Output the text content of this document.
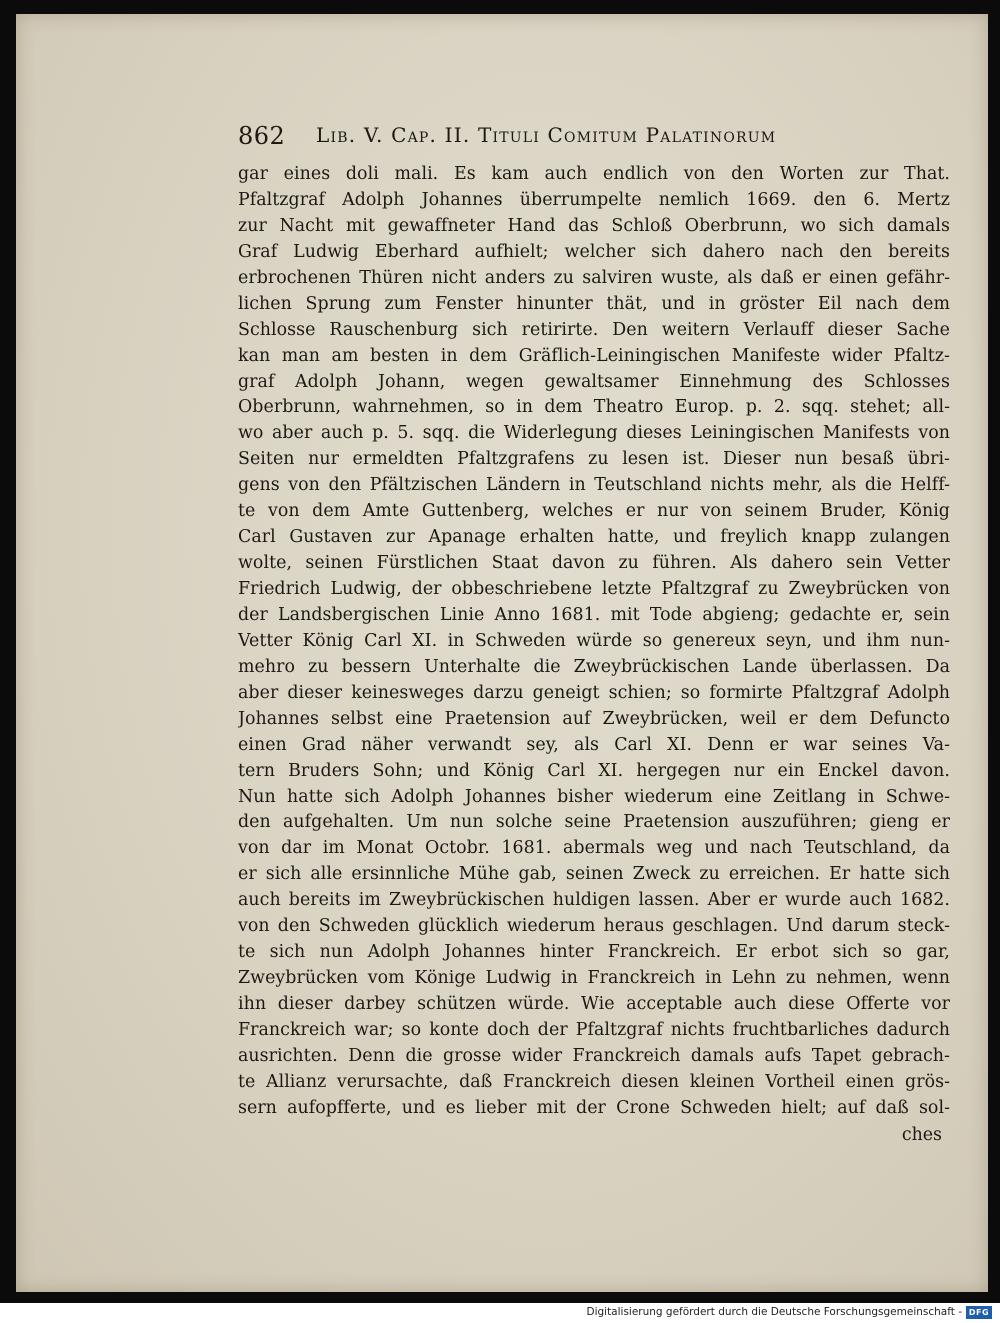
862 Lib. V. Cap. II. Tituli Comitum Palatinorum
gar eines doli mali. Es kam auch endlich von den Worten zur That.
Pfaltzgraf Adolph Johannes überrumpelte nemlich 1669. den 6. Mertz
zur Nacht mit gewaffneter Hand das Schloß Oberbrunn, wo sich damals
Graf Ludwig Eberhard aufhielt; welcher sich dahero nach den bereits
erbrochenen Thüren nicht anders zu salviren wuste, als daß er einen gefähr-
lichen Sprung zum Fenster hinunter thät, und in gröster Eil nach dem
Schlosse Rauschenburg sich retirirte. Den weitern Verlauff dieser Sache
kan man am besten in dem Gräflich-Leiningischen Manifeste wider Pfaltz-
graf Adolph Johann, wegen gewaltsamer Einnehmung des Schlosses
Oberbrunn, wahrnehmen, so in dem Theatro Europ. p. 2. sqq. stehet; all-
wo aber auch p. 5. sqq. die Widerlegung dieses Leiningischen Manifests von
Seiten nur ermeldten Pfaltzgrafens zu lesen ist. Dieser nun besaß übri-
gens von den Pfältzischen Ländern in Teutschland nichts mehr, als die Helff-
te von dem Amte Guttenberg, welches er nur von seinem Bruder, König
Carl Gustaven zur Apanage erhalten hatte, und freylich knapp zulangen
wolte, seinen Fürstlichen Staat davon zu führen. Als dahero sein Vetter
Friedrich Ludwig, der obbeschriebene letzte Pfaltzgraf zu Zweybrücken von
der Landsbergischen Linie Anno 1681. mit Tode abgieng; gedachte er, sein
Vetter König Carl XI. in Schweden würde so genereux seyn, und ihm nun-
mehro zu bessern Unterhalte die Zweybrückischen Lande überlassen. Da
aber dieser keinesweges darzu geneigt schien; so formirte Pfaltzgraf Adolph
Johannes selbst eine Praetension auf Zweybrücken, weil er dem Defuncto
einen Grad näher verwandt sey, als Carl XI. Denn er war seines Va-
tern Bruders Sohn; und König Carl XI. hergegen nur ein Enckel davon.
Nun hatte sich Adolph Johannes bisher wiederum eine Zeitlang in Schwe-
den aufgehalten. Um nun solche seine Praetension auszuführen; gieng er
von dar im Monat Octobr. 1681. abermals weg und nach Teutschland, da
er sich alle ersinnliche Mühe gab, seinen Zweck zu erreichen. Er hatte sich
auch bereits im Zweybrückischen huldigen lassen. Aber er wurde auch 1682.
von den Schweden glücklich wiederum heraus geschlagen. Und darum steck-
te sich nun Adolph Johannes hinter Franckreich. Er erbot sich so gar,
Zweybrücken vom Könige Ludwig in Franckreich in Lehn zu nehmen, wenn
ihn dieser darbey schützen würde. Wie acceptable auch diese Offerte vor
Franckreich war; so konte doch der Pfaltzgraf nichts fruchtbarliches dadurch
ausrichten. Denn die grosse wider Franckreich damals aufs Tapet gebrach-
te Allianz verursachte, daß Franckreich diesen kleinen Vortheil einen grös-
sern aufopfferte, und es lieber mit der Crone Schweden hielt; auf daß sol-
ches
Digitalisierung gefördert durch die Deutsche Forschungsgemeinschaft - DFG
